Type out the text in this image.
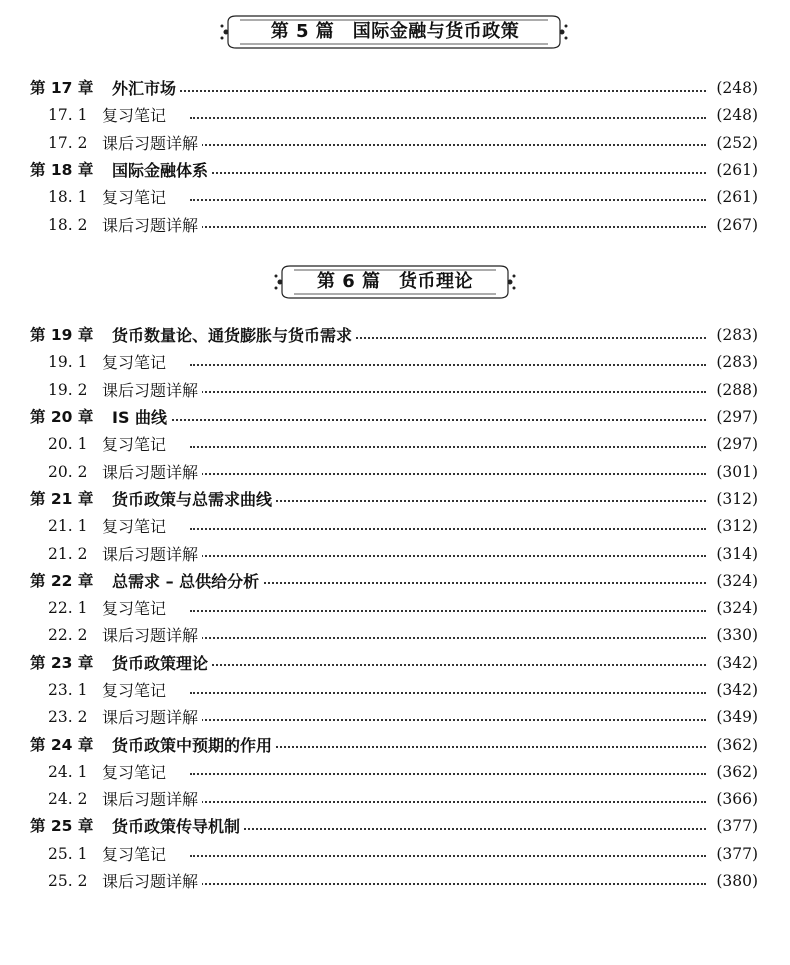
第 5 篇　国际金融与货币政策
第 17 章 外汇市场	(248)
17. 1 复习笔记	(248)
17. 2 课后习题详解	(252)
第 18 章 国际金融体系	(261)
18. 1 复习笔记	(261)
18. 2 课后习题详解	(267)
第 6 篇　货币理论
第 19 章 货币数量论、通货膨胀与货币需求	(283)
19. 1 复习笔记	(283)
19. 2 课后习题详解	(288)
第 20 章 IS 曲线	(297)
20. 1 复习笔记	(297)
20. 2 课后习题详解	(301)
第 21 章 货币政策与总需求曲线	(312)
21. 1 复习笔记	(312)
21. 2 课后习题详解	(314)
第 22 章 总需求 – 总供给分析	(324)
22. 1 复习笔记	(324)
22. 2 课后习题详解	(330)
第 23 章 货币政策理论	(342)
23. 1 复习笔记	(342)
23. 2 课后习题详解	(349)
第 24 章 货币政策中预期的作用	(362)
24. 1 复习笔记	(362)
24. 2 课后习题详解	(366)
第 25 章 货币政策传导机制	(377)
25. 1 复习笔记	(377)
25. 2 课后习题详解	(380)
